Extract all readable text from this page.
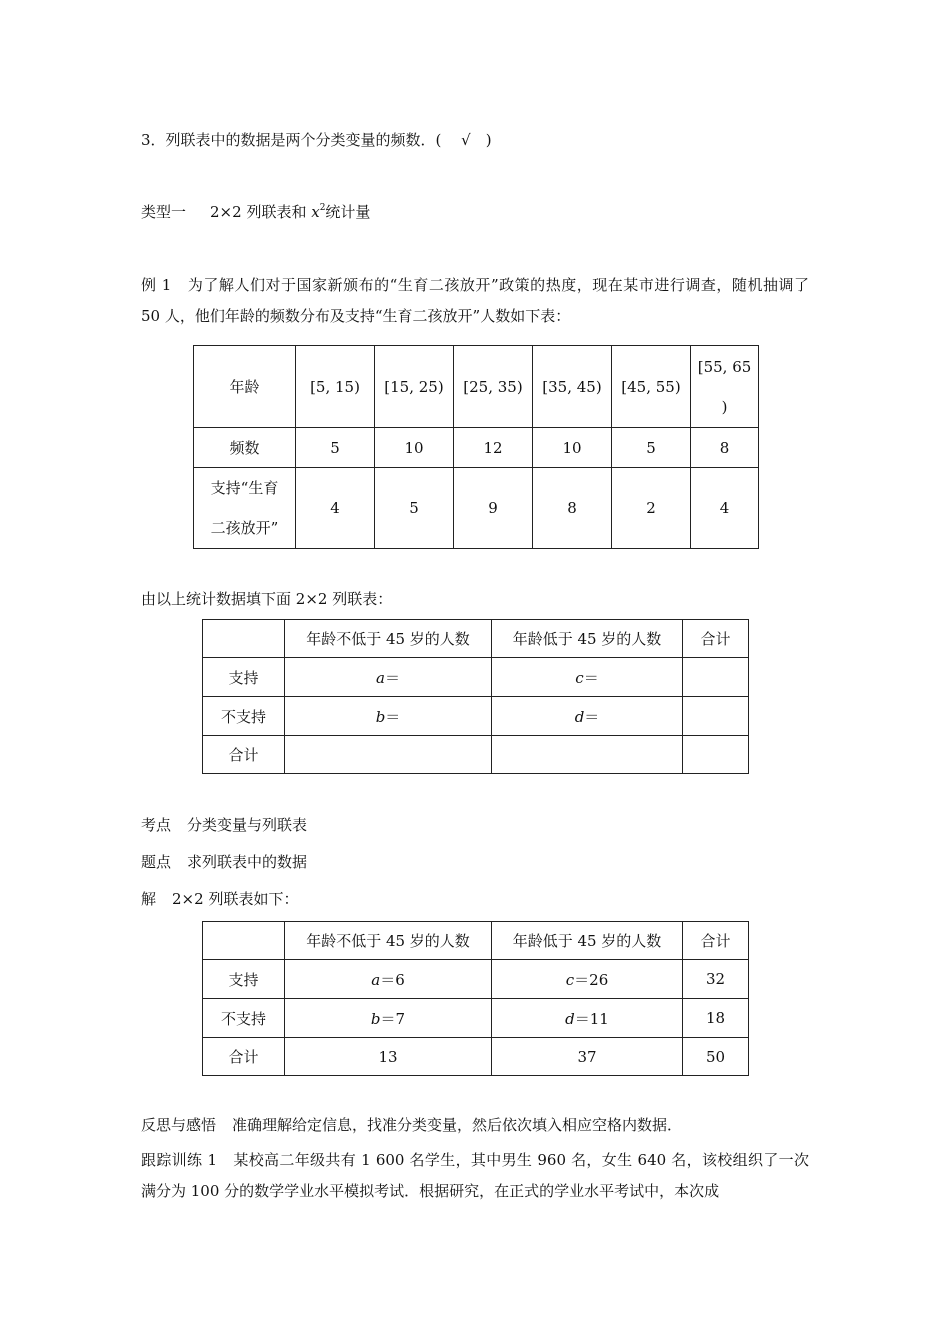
3．列联表中的数据是两个分类变量的频数．(　 √　)
类型一 2×2 列联表和 $x^2$统计量
例 1 为了解人们对于国家新颁布的“生育二孩放开”政策的热度，现在某市进行调查，随机抽调了 50 人，他们年龄的频数分布及支持“生育二孩放开”人数如下表：
年龄	[5, 15)	[15, 25)	[25, 35)	[35, 45)	[45, 55)	[55, 65
)

频数	5	10	12	10	5	8

支持“生育
二孩放开”	4	5	9	8	2	4
由以上统计数据填下面 2×2 列联表：
	年龄不低于 45 岁的人数	年龄低于 45 岁的人数	合计
支持	a＝	c＝	
不支持	b＝	d＝	
合计			
考点 分类变量与列联表
题点 求列联表中的数据
解 2×2 列联表如下：
	年龄不低于 45 岁的人数	年龄低于 45 岁的人数	合计
支持	a＝6	c＝26	32
不支持	b＝7	d＝11	18
合计	13	37	50
反思与感悟 准确理解给定信息，找准分类变量，然后依次填入相应空格内数据．
跟踪训练 1 某校高二年级共有 1 600 名学生，其中男生 960 名，女生 640 名，该校组织了一次满分为 100 分的数学学业水平模拟考试．根据研究，在正式的学业水平考试中，本次成
